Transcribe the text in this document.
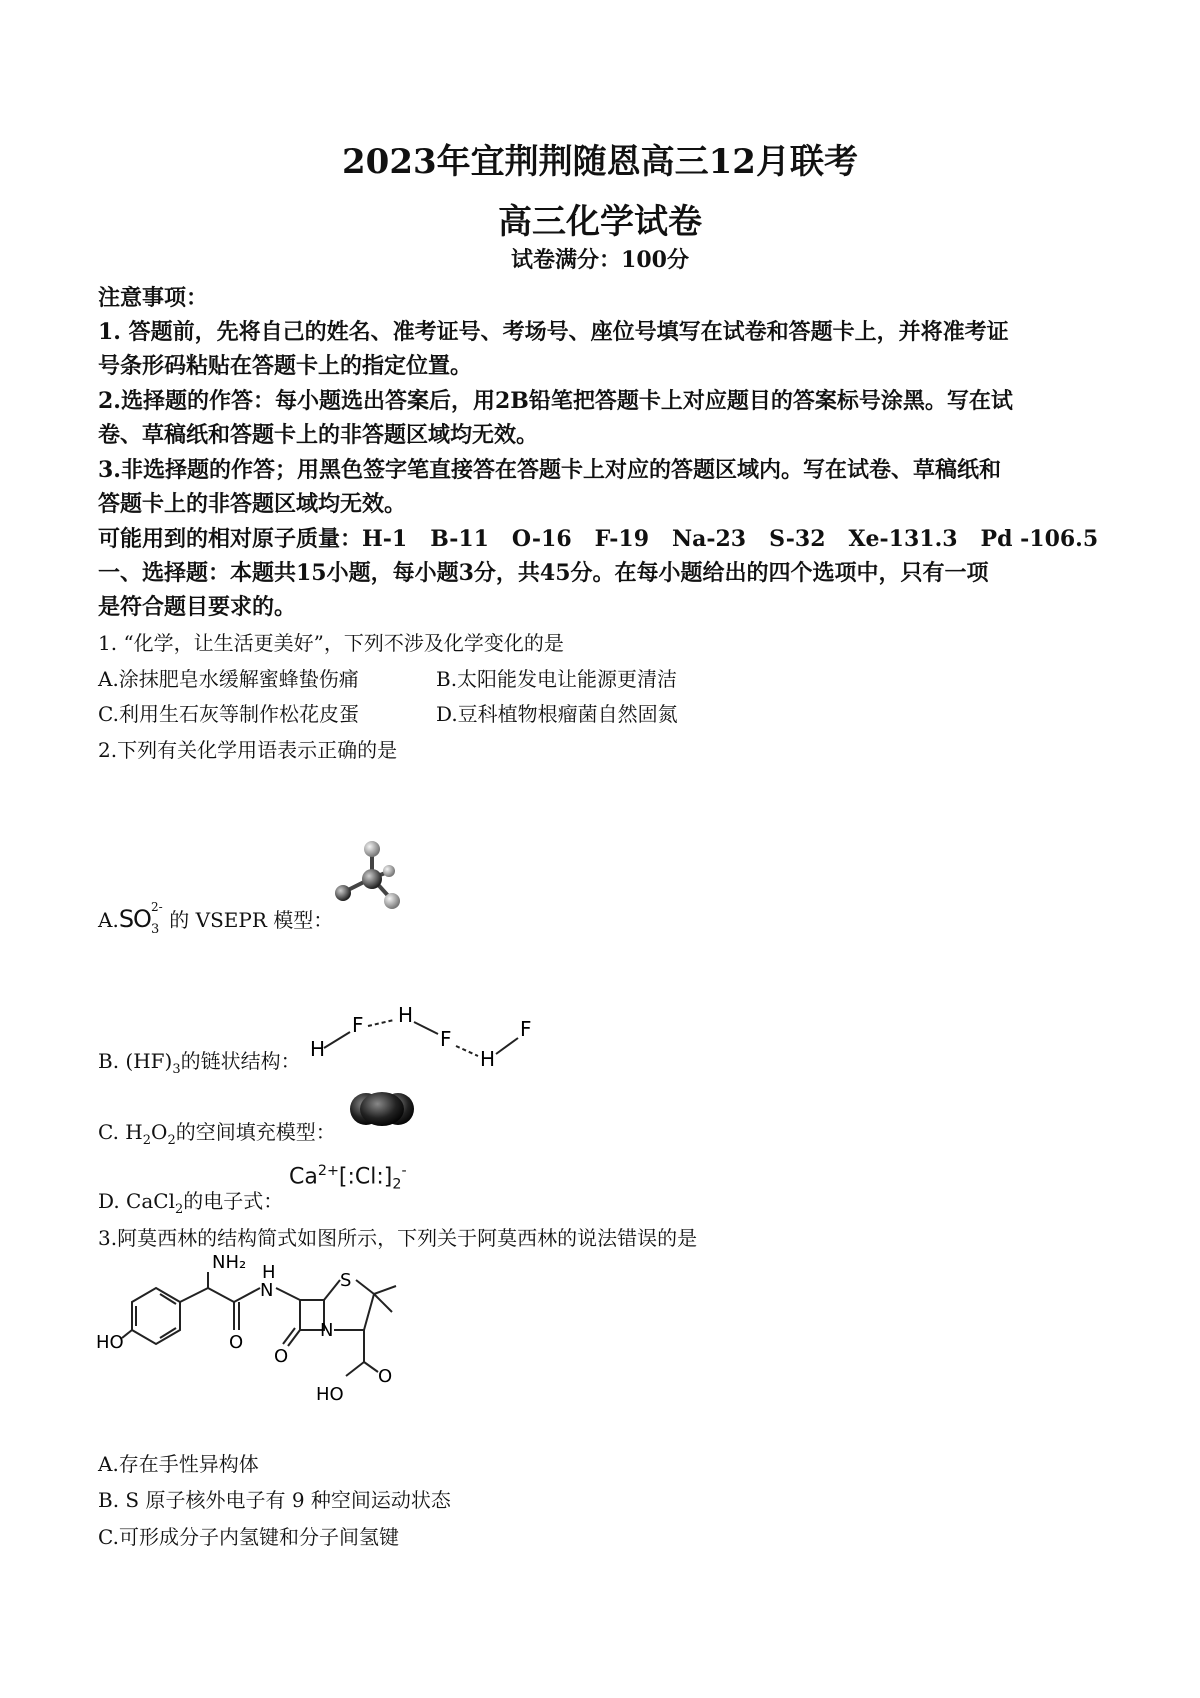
2023年宜荆荆随恩高三12月联考
高三化学试卷
试卷满分：100分
注意事项：
1. 答题前，先将自己的姓名、准考证号、考场号、座位号填写在试卷和答题卡上，并将准考证
号条形码粘贴在答题卡上的指定位置。
2.选择题的作答：每小题选出答案后，用2B铅笔把答题卡上对应题目的答案标号涂黑。写在试
卷、草稿纸和答题卡上的非答题区域均无效。
3.非选择题的作答；用黑色签字笔直接答在答题卡上对应的答题区域内。写在试卷、草稿纸和
答题卡上的非答题区域均无效。
可能用到的相对原子质量：H-1   B-11   O-16   F-19   Na-23   S-32   Xe-131.3   Pd -106.5
一、选择题：本题共15小题，每小题3分，共45分。在每小题给出的四个选项中，只有一项
是符合题目要求的。
1. “化学，让生活更美好”，下列不涉及化学变化的是
A.涂抹肥皂水缓解蜜蜂蛰伤痛	B.太阳能发电让能源更清洁
C.利用生石灰等制作松花皮蛋	D.豆科植物根瘤菌自然固氮
2.下列有关化学用语表示正确的是
A.SO 2-
3 的 VSEPR 模型：
B. $(HF)_3$的链状结构： H
F H
F
H
F
C. $H_2O_2$的空间填充模型：
D. CaCl$_2$的电子式：
$Ca^{2+}[:Cl:]_2^-$
3.阿莫西林的结构简式如图所示，下列关于阿莫西林的说法错误的是
NH₂ H
N	S
HO	O
O
N
O
HO
A.存在手性异构体
B. S 原子核外电子有 9 种空间运动状态
C.可形成分子内氢键和分子间氢键
